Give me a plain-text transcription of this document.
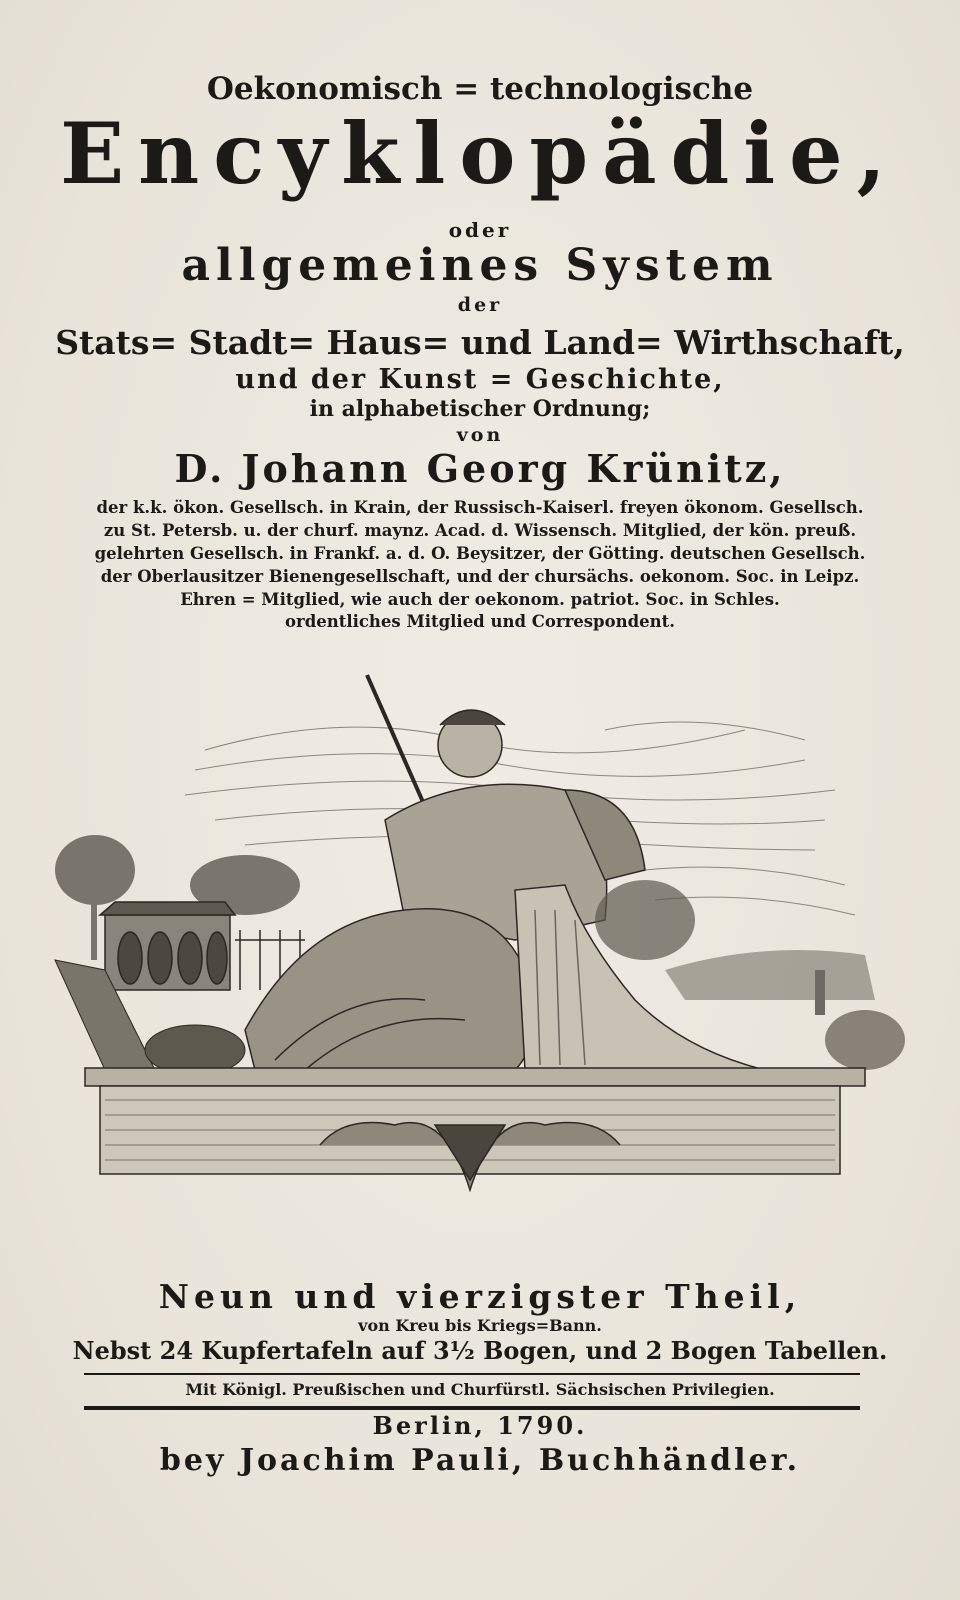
Oekonomisch = technologische
Encyklopädie,
oder
allgemeines System
der
Stats= Stadt= Haus= und Land= Wirthschaft,
und der Kunst = Geschichte,
in alphabetischer Ordnung;
von
D. Johann Georg Krünitz,
der k.k. ökon. Gesellsch. in Krain, der Russisch-Kaiserl. freyen ökonom. Gesellsch.
zu St. Petersb. u. der churf. maynz. Acad. d. Wissensch. Mitglied, der kön. preuß.
gelehrten Gesellsch. in Frankf. a. d. O. Beysitzer, der Götting. deutschen Gesellsch.
der Oberlausitzer Bienengesellschaft, und der chursächs. oekonom. Soc. in Leipz.
Ehren = Mitglied, wie auch der oekonom. patriot. Soc. in Schles.
ordentliches Mitglied und Correspondent.
Neun und vierzigster Theil,
von Kreu bis Kriegs=Bann.
Nebst 24 Kupfertafeln auf 3½ Bogen, und 2 Bogen Tabellen.
Mit Königl. Preußischen und Churfürstl. Sächsischen Privilegien.
Berlin, 1790.
bey Joachim Pauli, Buchhändler.
